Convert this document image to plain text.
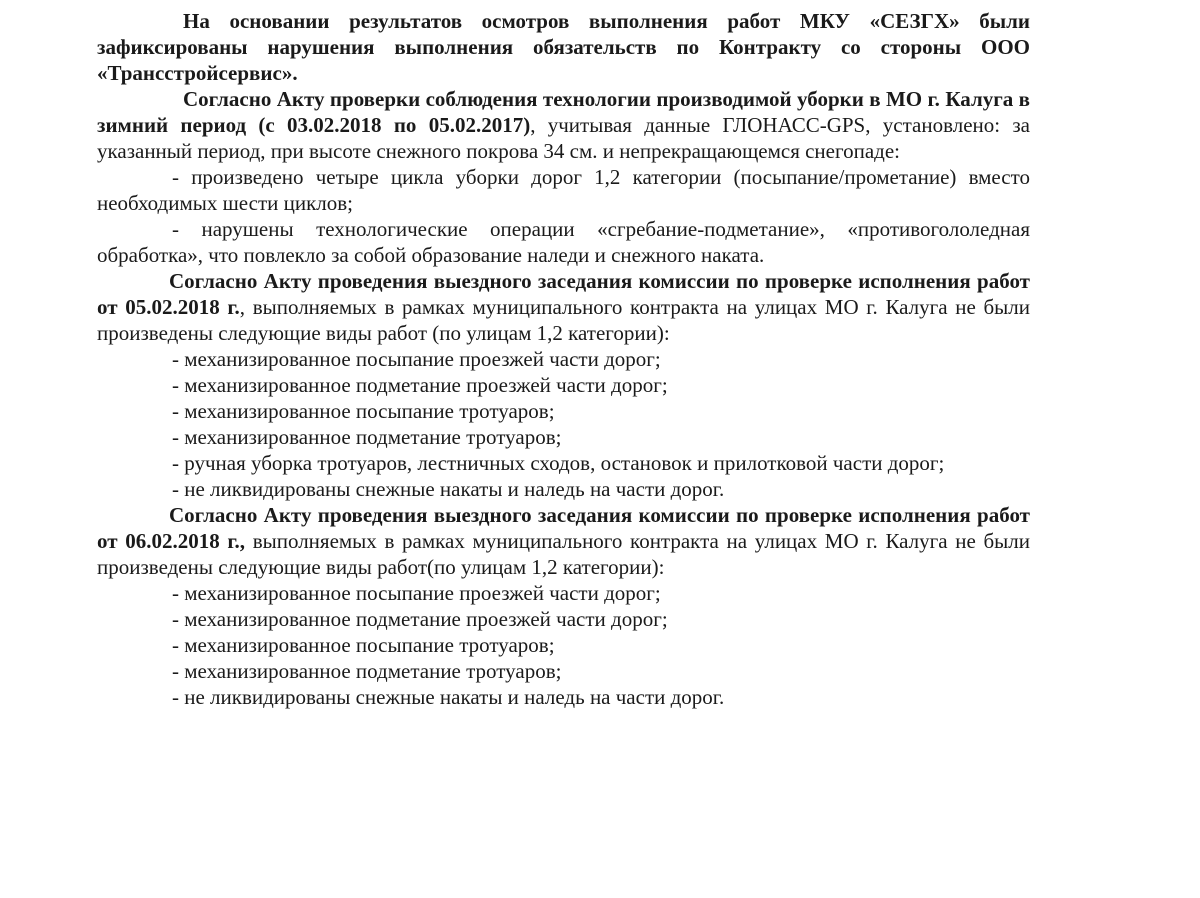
На основании результатов осмотров выполнения работ МКУ «СЕЗГХ» были зафиксированы нарушения выполнения обязательств по Контракту со стороны ООО «Трансстройсервис».

Согласно Акту проверки соблюдения технологии производимой уборки в МО г. Калуга в зимний период (с 03.02.2018 по 05.02.2017), учитывая данные ГЛОНАСС-GPS, установлено: за указанный период, при высоте снежного покрова 34 см. и непрекращающемся снегопаде:

- произведено четыре цикла уборки дорог 1,2 категории (посыпание/прометание) вместо необходимых шести циклов;

- нарушены технологические операции «сгребание-подметание», «противогололедная обработка», что повлекло за собой образование наледи и снежного наката.

Согласно Акту проведения выездного заседания комиссии по проверке исполнения работ от 05.02.2018 г., выполняемых в рамках муниципального контракта на улицах МО г. Калуга не были произведены следующие виды работ (по улицам 1,2 категории):

- механизированное посыпание проезжей части дорог;

- механизированное подметание проезжей части дорог;

- механизированное посыпание тротуаров;

- механизированное подметание тротуаров;

- ручная уборка тротуаров, лестничных сходов, остановок и прилотковой части дорог;

- не ликвидированы снежные накаты и наледь на части дорог.

Согласно Акту проведения выездного заседания комиссии по проверке исполнения работ от 06.02.2018 г., выполняемых в рамках муниципального контракта на улицах МО г. Калуга не были произведены следующие виды работ(по улицам 1,2 категории):

- механизированное посыпание проезжей части дорог;

- механизированное подметание проезжей части дорог;

- механизированное посыпание тротуаров;

- механизированное подметание тротуаров;

- не ликвидированы снежные накаты и наледь на части дорог.
